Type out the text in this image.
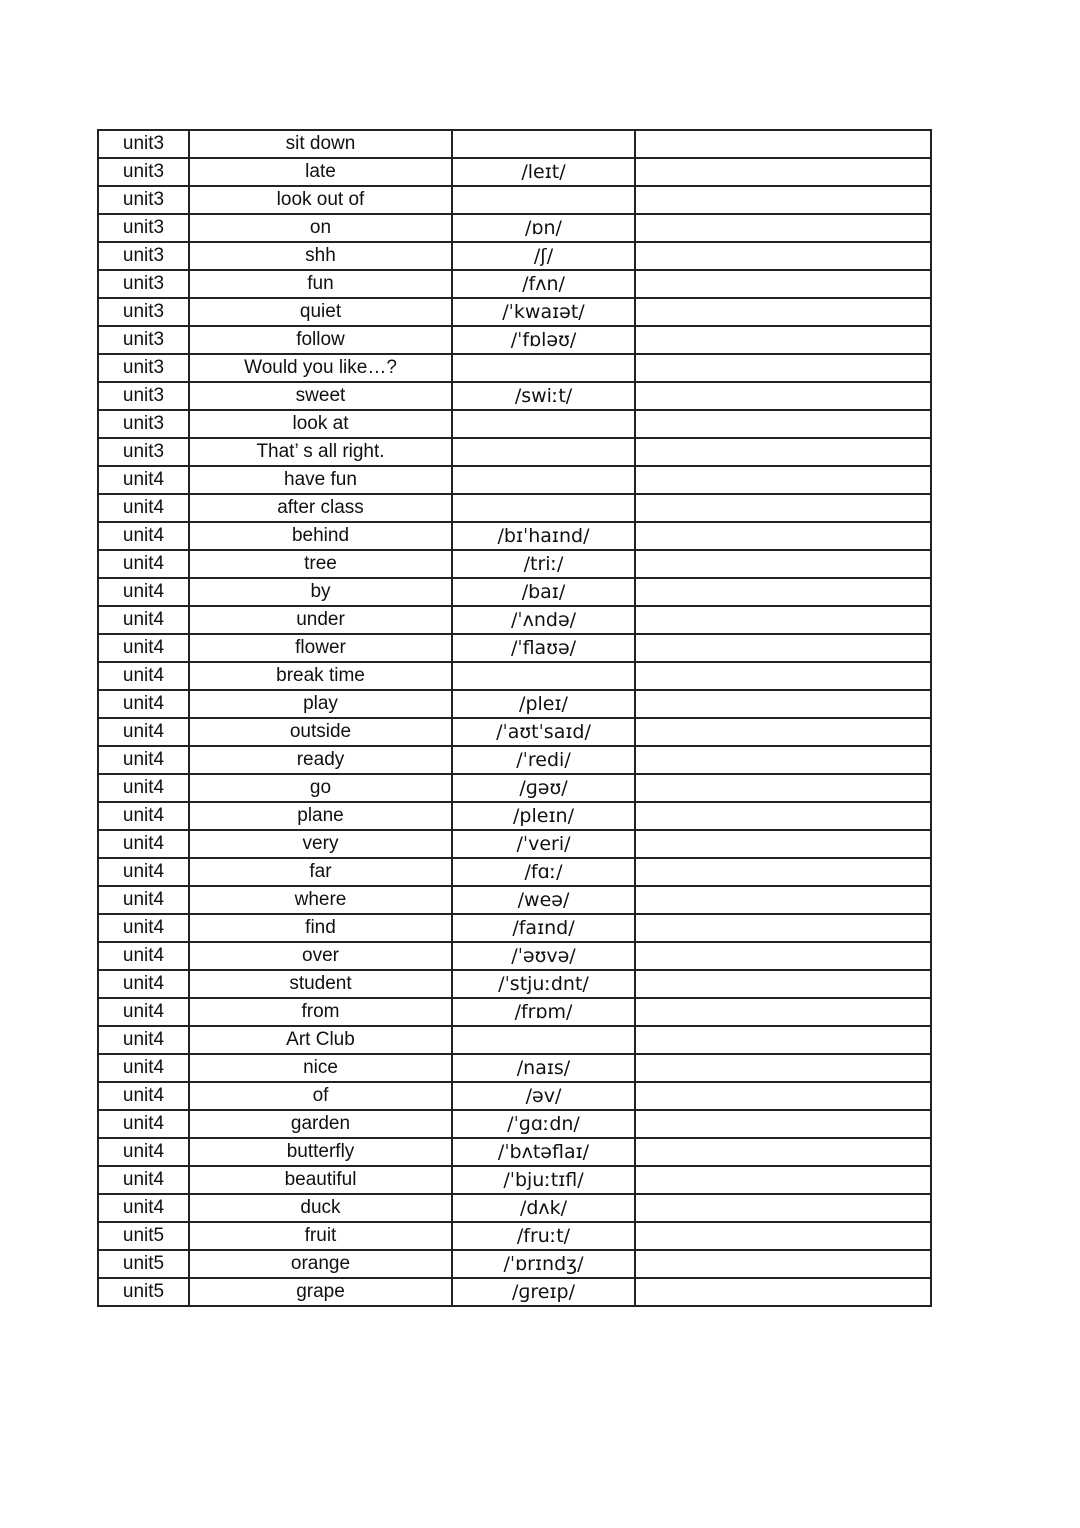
unit3	sit down		
unit3	late	/leɪt/	
unit3	look out of		
unit3	on	/ɒn/	
unit3	shh	/ʃ/	
unit3	fun	/fʌn/	
unit3	quiet	/ˈkwaɪət/	
unit3	follow	/ˈfɒləʊ/	
unit3	Would you like…?		
unit3	sweet	/swiːt/	
unit3	look at		
unit3	That’ s all right.		
unit4	have fun		
unit4	after class		
unit4	behind	/bɪˈhaɪnd/	
unit4	tree	/triː/	
unit4	by	/baɪ/	
unit4	under	/ˈʌndə/	
unit4	flower	/ˈflaʊə/	
unit4	break time		
unit4	play	/pleɪ/	
unit4	outside	/ˈaʊtˈsaɪd/	
unit4	ready	/ˈredi/	
unit4	go	/ɡəʊ/	
unit4	plane	/pleɪn/	
unit4	very	/ˈveri/	
unit4	far	/fɑː/	
unit4	where	/weə/	
unit4	find	/faɪnd/	
unit4	over	/ˈəʊvə/	
unit4	student	/ˈstjuːdnt/	
unit4	from	/frɒm/	
unit4	Art Club		
unit4	nice	/naɪs/	
unit4	of	/əv/	
unit4	garden	/ˈɡɑːdn/	
unit4	butterfly	/ˈbʌtəflaɪ/	
unit4	beautiful	/ˈbjuːtɪfl/	
unit4	duck	/dʌk/	
unit5	fruit	/fruːt/	
unit5	orange	/ˈɒrɪndʒ/	
unit5	grape	/ɡreɪp/	
